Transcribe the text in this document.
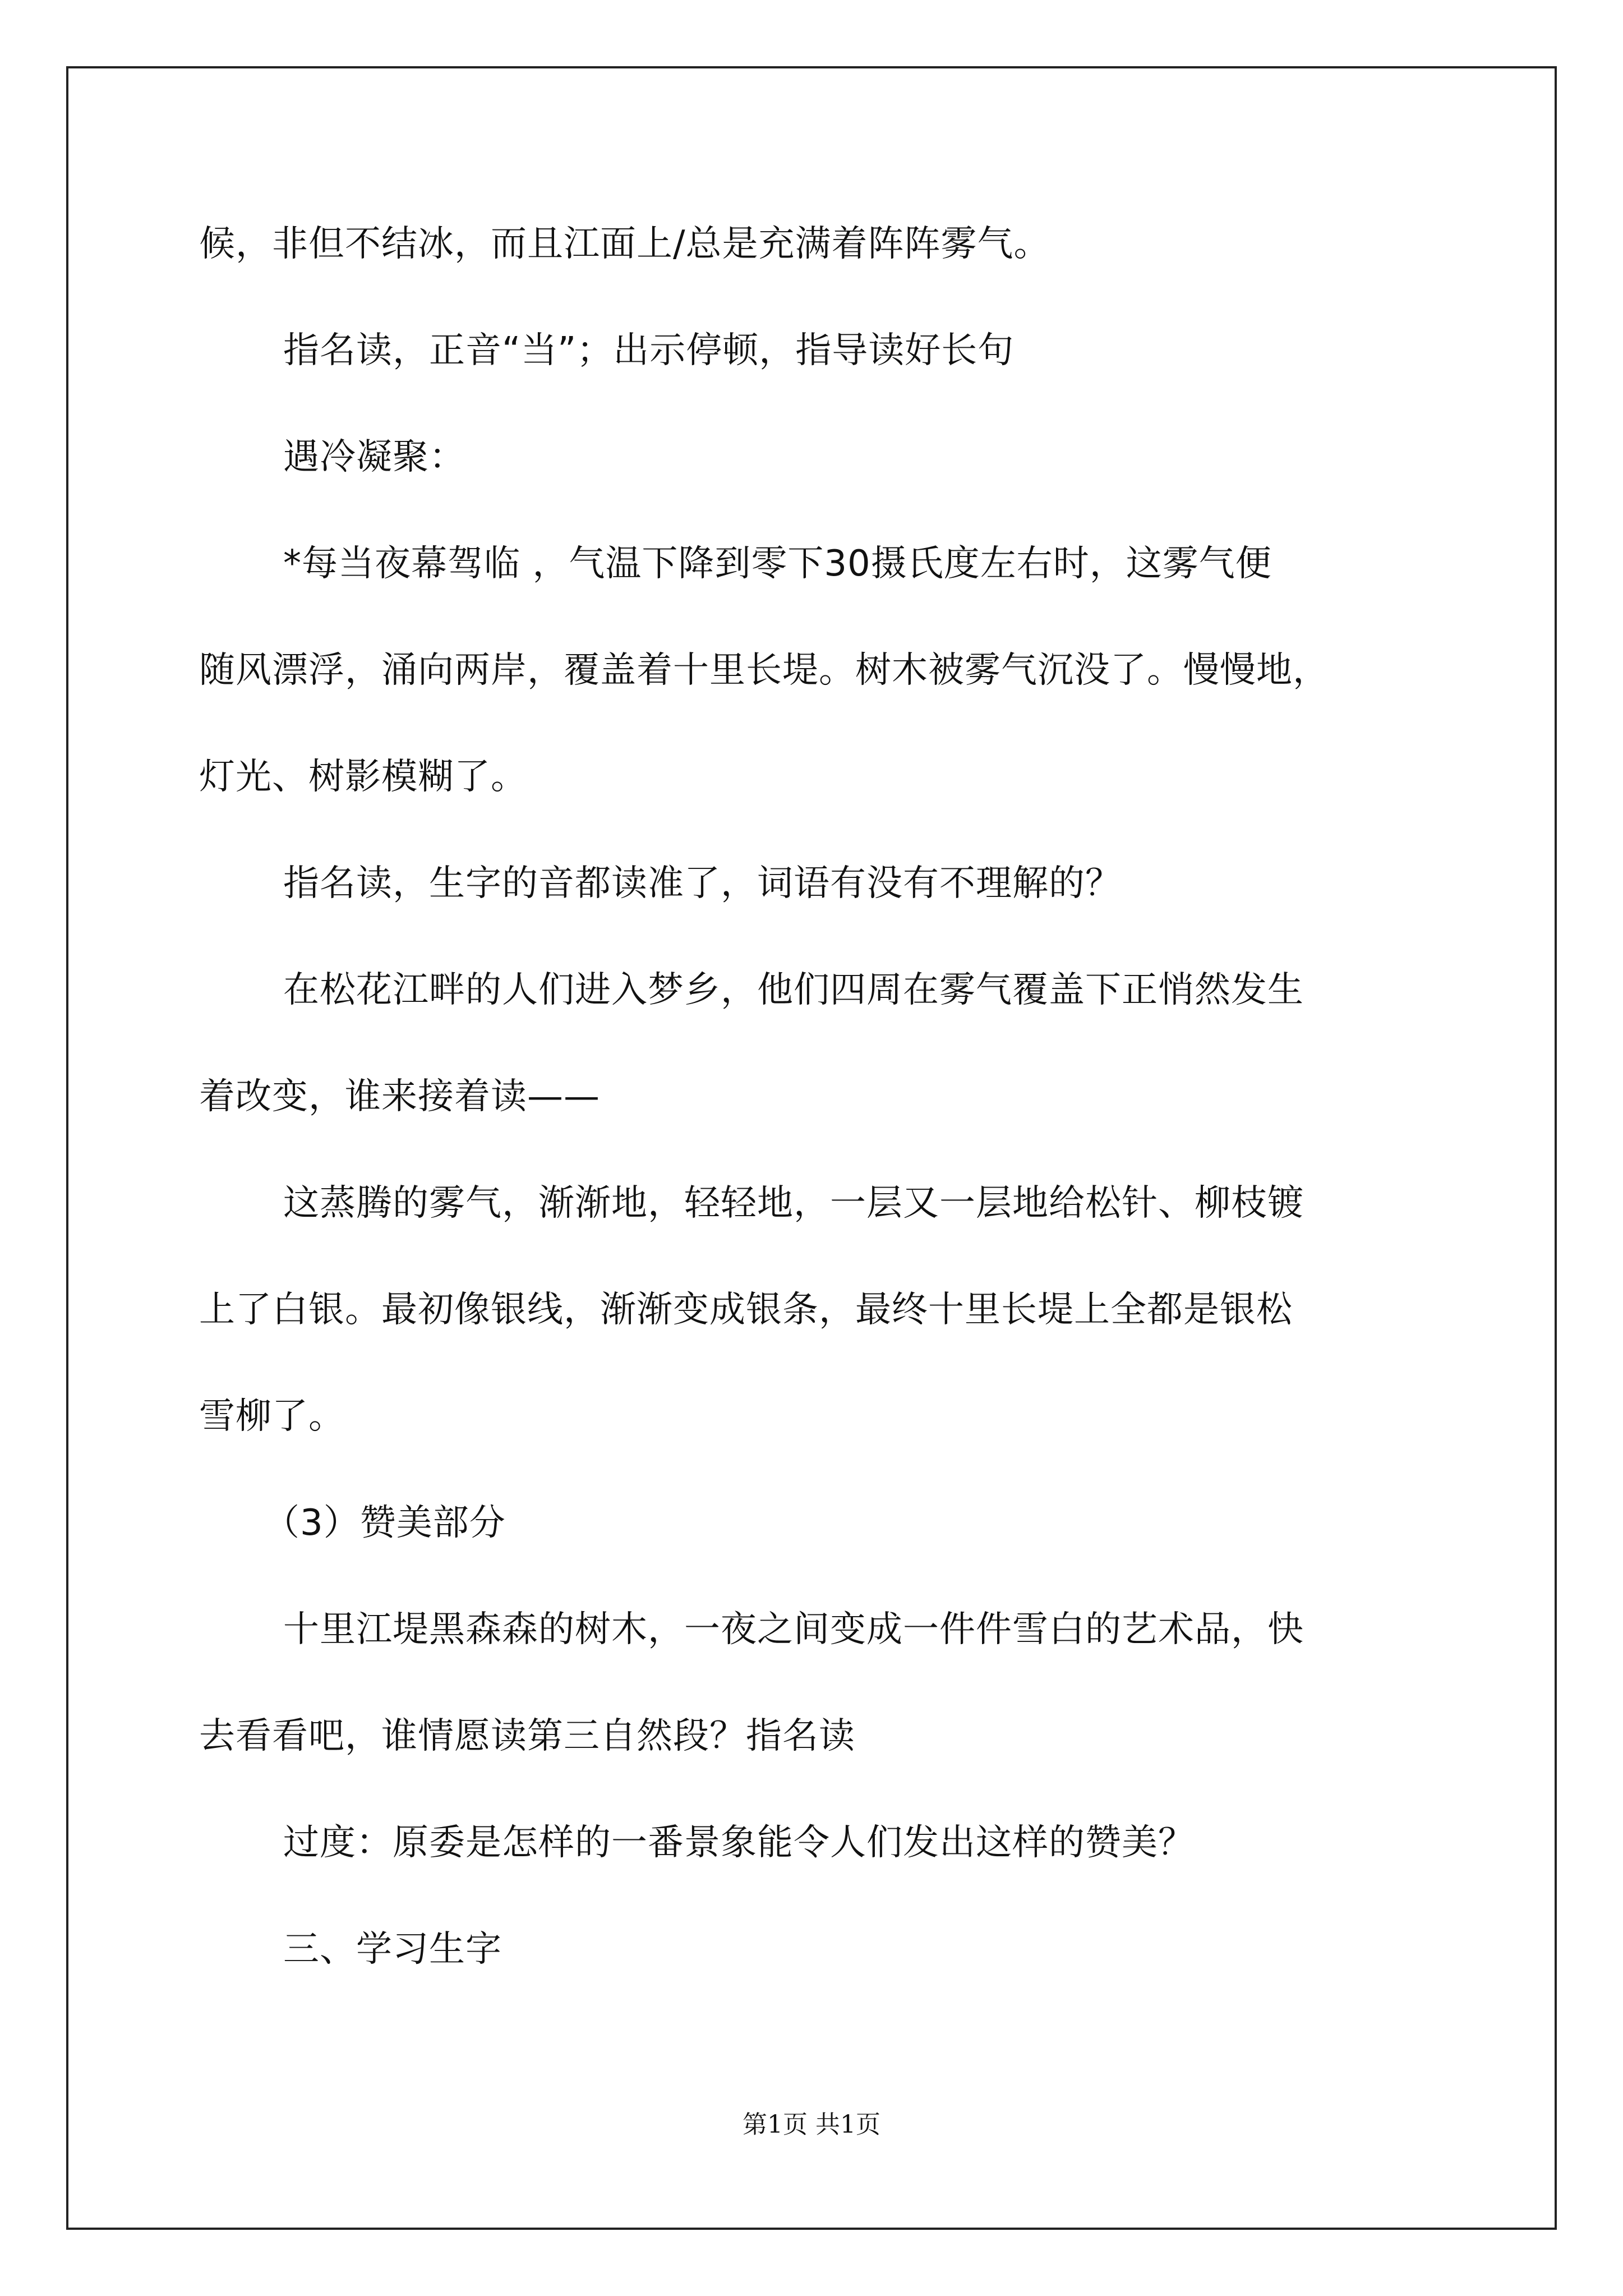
候，非但不结冰，而且江面上/总是充满着阵阵雾气。
指名读，正音“当”；出示停顿，指导读好长句
遇冷凝聚：
*每当夜幕驾临 ，气温下降到零下30摄氏度左右时，这雾气便
随风漂浮，涌向两岸，覆盖着十里长堤。树木被雾气沉没了。慢慢地，
灯光、树影模糊了。
指名读，生字的音都读准了，词语有没有不理解的？
在松花江畔的人们进入梦乡，他们四周在雾气覆盖下正悄然发生
着改变，谁来接着读——
这蒸腾的雾气，渐渐地，轻轻地，一层又一层地给松针、柳枝镀
上了白银。最初像银线，渐渐变成银条，最终十里长堤上全都是银松
雪柳了。
（3）赞美部分
十里江堤黑森森的树木，一夜之间变成一件件雪白的艺术品，快
去看看吧，谁情愿读第三自然段？指名读
过度：原委是怎样的一番景象能令人们发出这样的赞美？
三、学习生字
第1页 共1页
